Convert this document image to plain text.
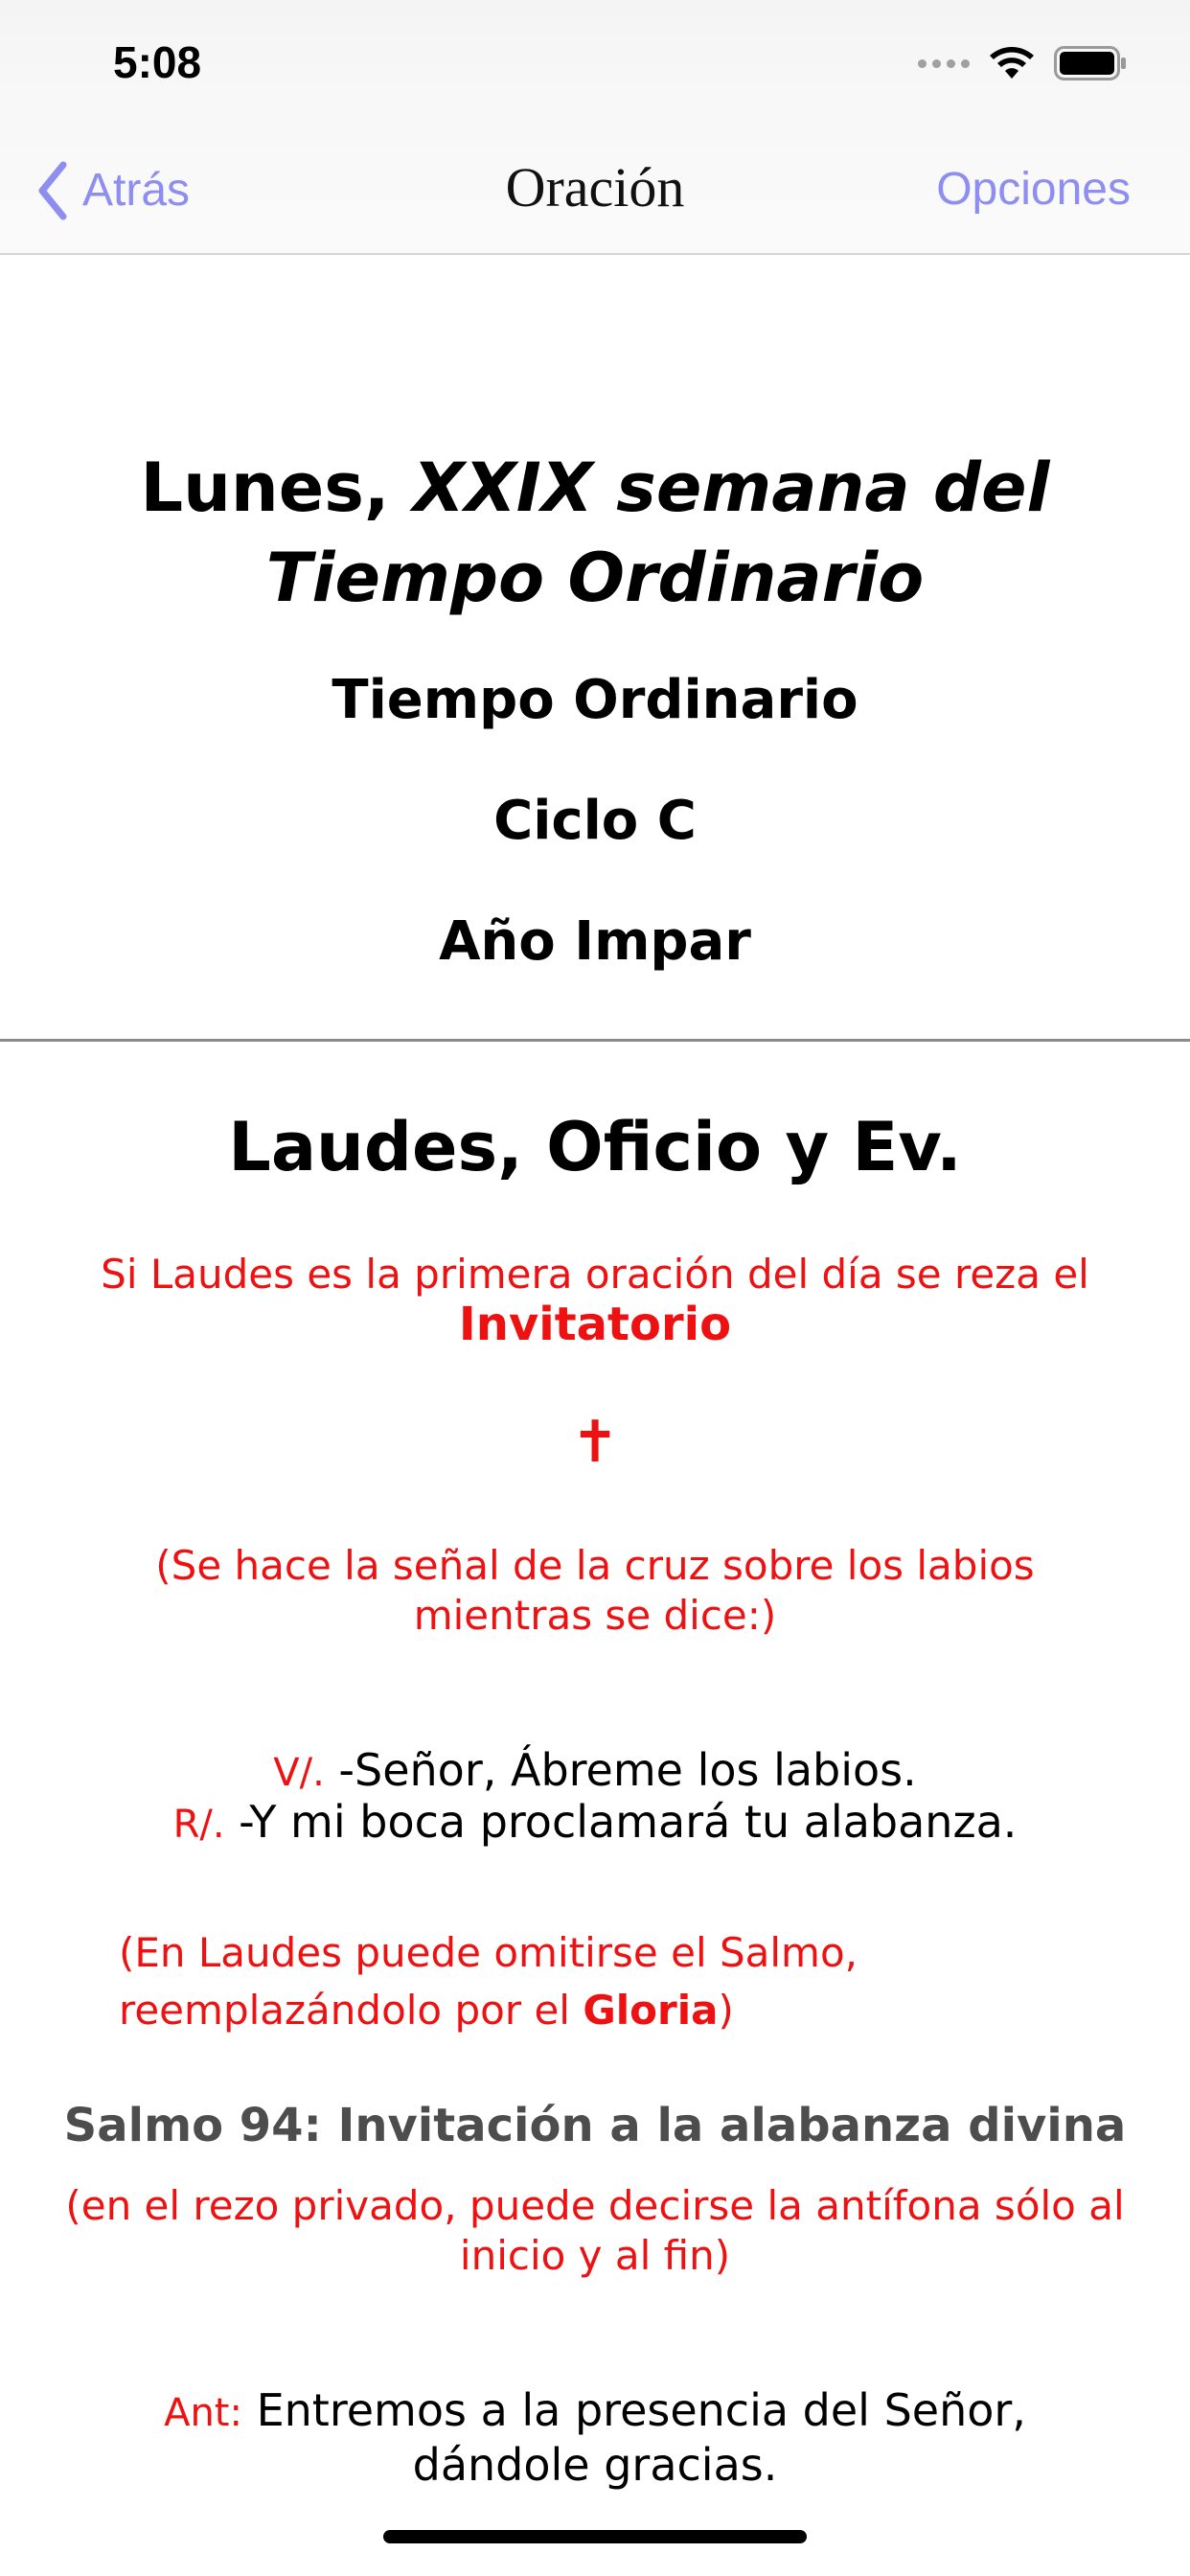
5:08
Atrás	Oración	Opciones
Lunes, XXIX semana del Tiempo Ordinario
Tiempo Ordinario
Ciclo C
Año Impar
Laudes, Oficio y Ev.
Si Laudes es la primera oración del día se reza el
Invitatorio
✝
(Se hace la señal de la cruz sobre los labios mientras se dice:)
V/. -Señor, Ábreme los labios.
R/. -Y mi boca proclamará tu alabanza.
(En Laudes puede omitirse el Salmo, reemplazándolo por el Gloria)
Salmo 94: Invitación a la alabanza divina
(en el rezo privado, puede decirse la antífona sólo al inicio y al fin)
Ant: Entremos a la presencia del Señor, dándole gracias.
